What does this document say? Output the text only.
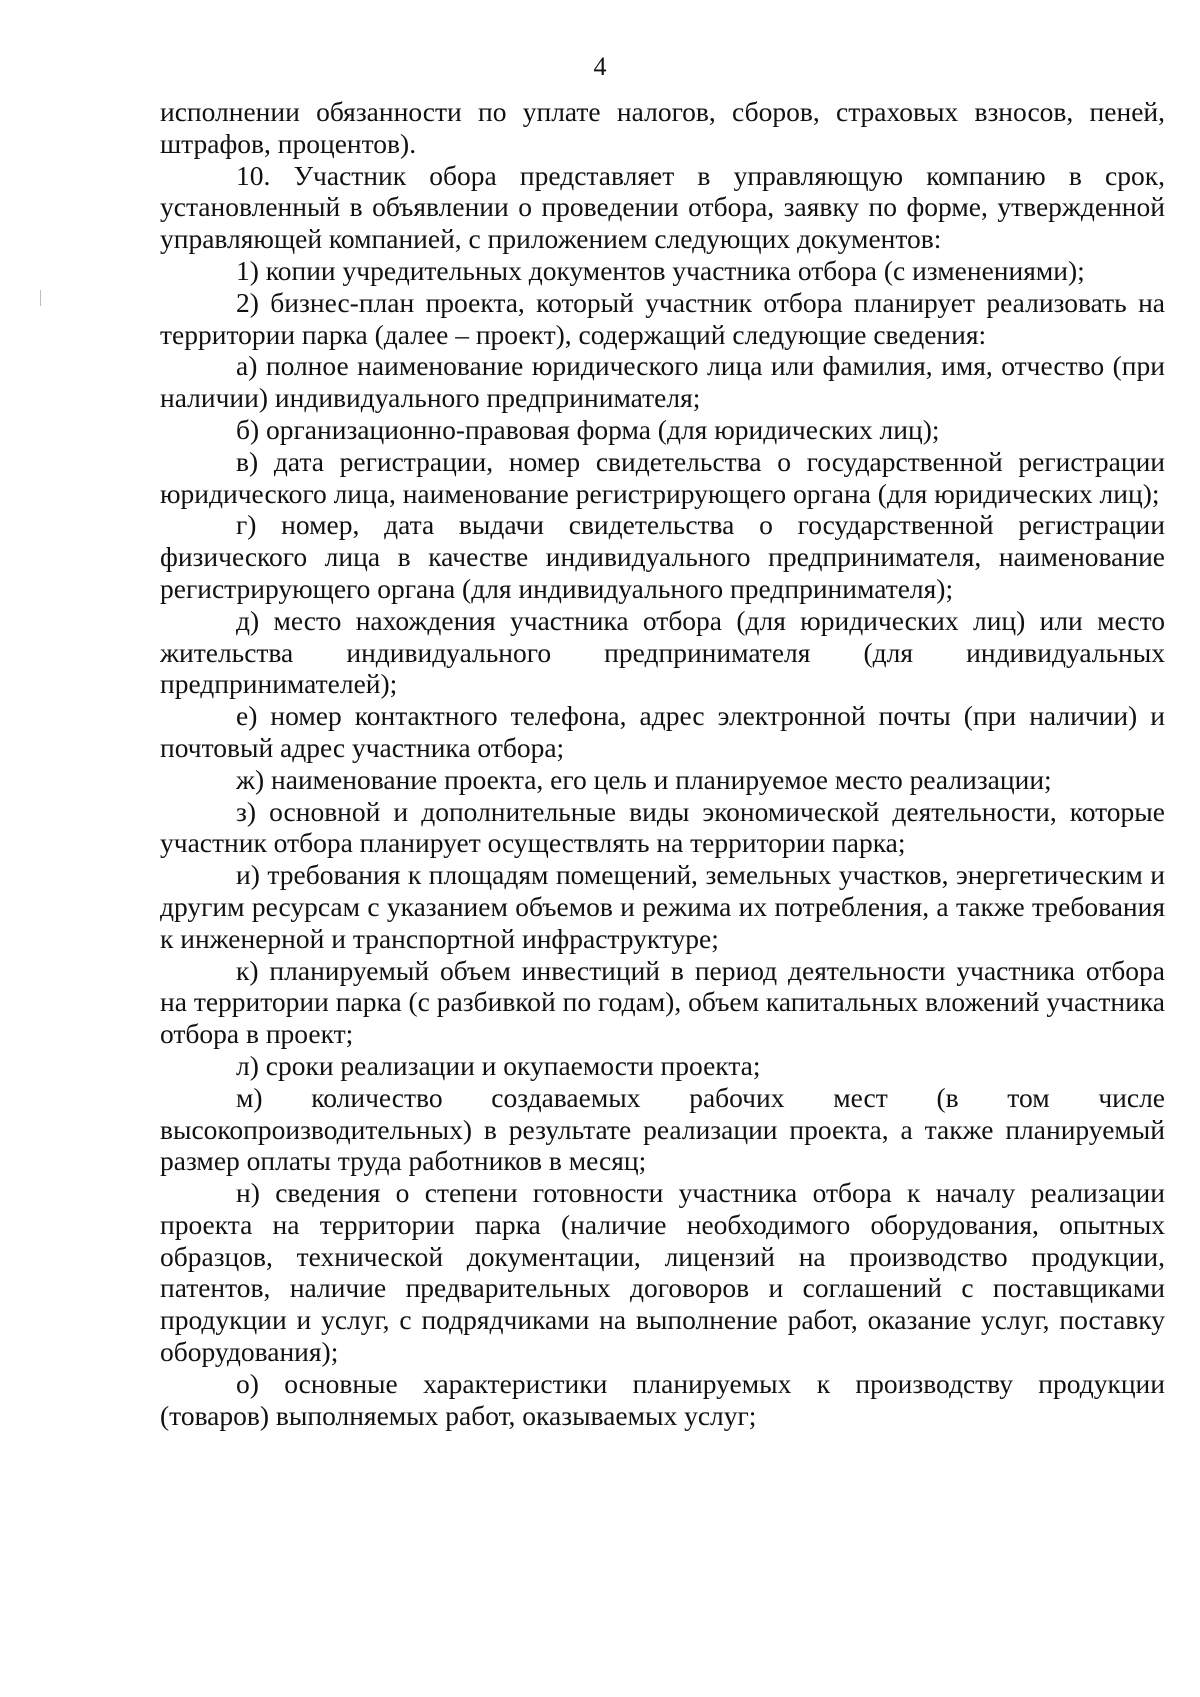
4

исполнении обязанности по уплате налогов, сборов, страховых взносов, пеней, штрафов, процентов).

10. Участник обора представляет в управляющую компанию в срок, установленный в объявлении о проведении отбора, заявку по форме, утвержденной управляющей компанией, с приложением следующих документов:

1) копии учредительных документов участника отбора (с изменениями);

2) бизнес-план проекта, который участник отбора планирует реализовать на территории парка (далее – проект), содержащий следующие сведения:

а) полное наименование юридического лица или фамилия, имя, отчество (при наличии) индивидуального предпринимателя;

б) организационно-правовая форма (для юридических лиц);

в) дата регистрации, номер свидетельства о государственной регистрации юридического лица, наименование регистрирующего органа (для юридических лиц);

г) номер, дата выдачи свидетельства о государственной регистрации физического лица в качестве индивидуального предпринимателя, наименование регистрирующего органа (для индивидуального предпринимателя);

д) место нахождения участника отбора (для юридических лиц) или место жительства индивидуального предпринимателя (для индивидуальных предпринимателей);

е) номер контактного телефона, адрес электронной почты (при наличии) и почтовый адрес участника отбора;

ж) наименование проекта, его цель и планируемое место реализации;

з) основной и дополнительные виды экономической деятельности, которые участник отбора планирует осуществлять на территории парка;

и) требования к площадям помещений, земельных участков, энергетическим и другим ресурсам с указанием объемов и режима их потребления, а также требования к инженерной и транспортной инфраструктуре;

к) планируемый объем инвестиций в период деятельности участника отбора на территории парка (с разбивкой по годам), объем капитальных вложений участника отбора в проект;

л) сроки реализации и окупаемости проекта;

м) количество создаваемых рабочих мест (в том числе высокопроизводительных) в результате реализации проекта, а также планируемый размер оплаты труда работников в месяц;

н) сведения о степени готовности участника отбора к началу реализации проекта на территории парка (наличие необходимого оборудования, опытных образцов, технической документации, лицензий на производство продукции, патентов, наличие предварительных договоров и соглашений с поставщиками продукции и услуг, с подрядчиками на выполнение работ, оказание услуг, поставку оборудования);

о) основные характеристики планируемых к производству продукции (товаров) выполняемых работ, оказываемых услуг;
